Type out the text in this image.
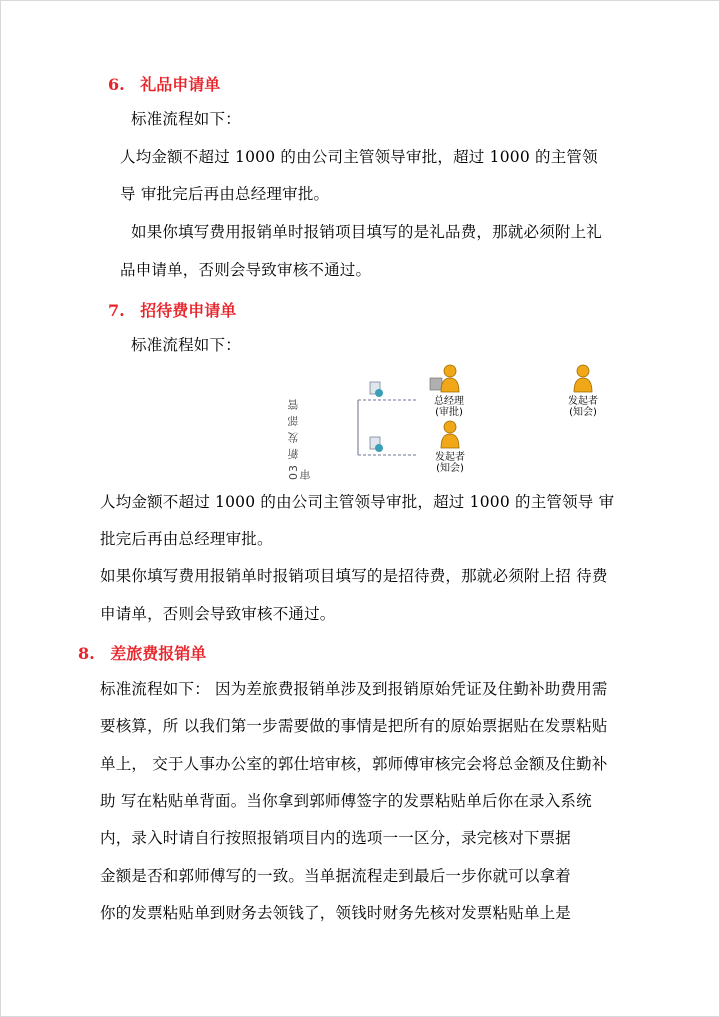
6. 礼品申请单
标准流程如下：
人均金额不超过 1000 的由公司主管领导审批，超过 1000 的主管领
导 审批完后再由总经理审批。
如果你填写费用报销单时报销项目填写的是礼品费，那就必须附上礼
品申请单，否则会导致审核不通过。
7. 招待费申请单
标准流程如下：
03 新 发 部 管 审
总经理
(审批)
发起者
(知会)
发起者
(知会)
人均金额不超过 1000 的由公司主管领导审批，超过 1000 的主管领导 审
批完后再由总经理审批。
如果你填写费用报销单时报销项目填写的是招待费，那就必须附上招 待费
申请单，否则会导致审核不通过。
8. 差旅费报销单
标准流程如下： 因为差旅费报销单涉及到报销原始凭证及住勤补助费用需
要核算，所 以我们第一步需要做的事情是把所有的原始票据贴在发票粘贴
单上， 交于人事办公室的郭仕培审核，郭师傅审核完会将总金额及住勤补
助 写在粘贴单背面。当你拿到郭师傅签字的发票粘贴单后你在录入系统
内，录入时请自行按照报销项目内的选项一一区分，录完核对下票据
金额是否和郭师傅写的一致。当单据流程走到最后一步你就可以拿着
你的发票粘贴单到财务去领钱了，领钱时财务先核对发票粘贴单上是
